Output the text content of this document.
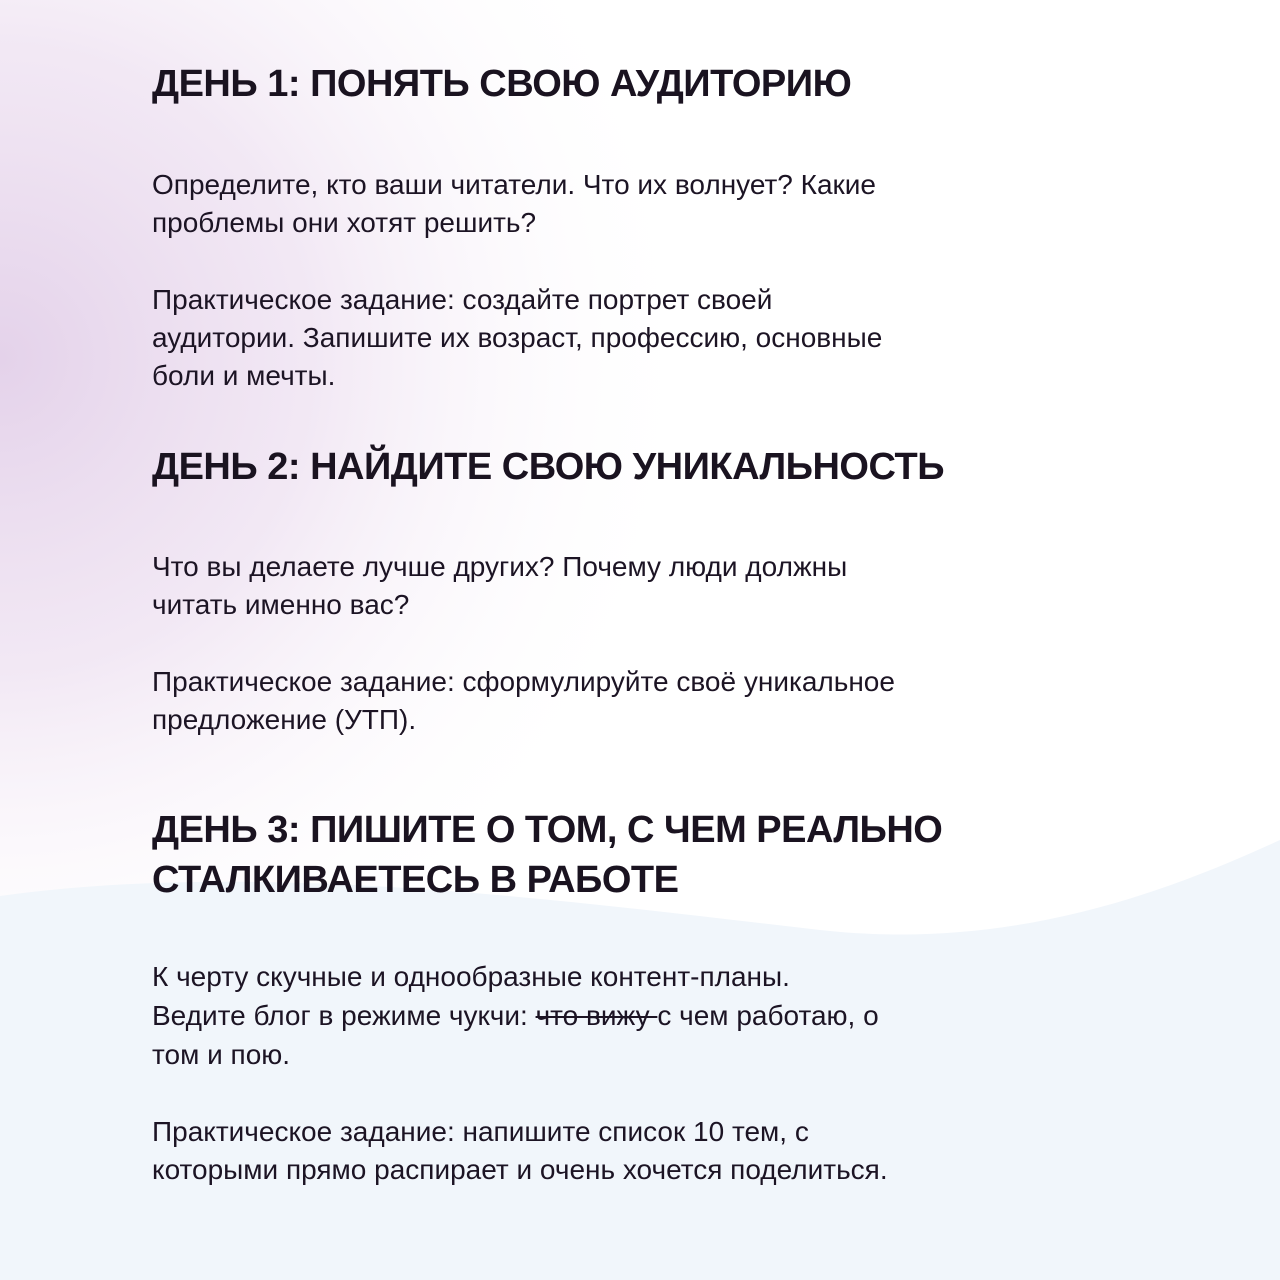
ДЕНЬ 1: ПОНЯТЬ СВОЮ АУДИТОРИЮ

Определите, кто ваши читатели. Что их волнует? Какие

проблемы они хотят решить?

Практическое задание: создайте портрет своей

аудитории. Запишите их возраст, профессию, основные

боли и мечты.

ДЕНЬ 2: НАЙДИТЕ СВОЮ УНИКАЛЬНОСТЬ

Что вы делаете лучше других? Почему люди должны

читать именно вас?

Практическое задание: сформулируйте своё уникальное

предложение (УТП).

ДЕНЬ 3: ПИШИТЕ О ТОМ, С ЧЕМ РЕАЛЬНО
СТАЛКИВАЕТЕСЬ В РАБОТЕ

К черту скучные и однообразные контент-планы.

Ведите блог в режиме чукчи: что вижу с чем работаю, о

том и пою.

Практическое задание: напишите список 10 тем, с

которыми прямо распирает и очень хочется поделиться.
